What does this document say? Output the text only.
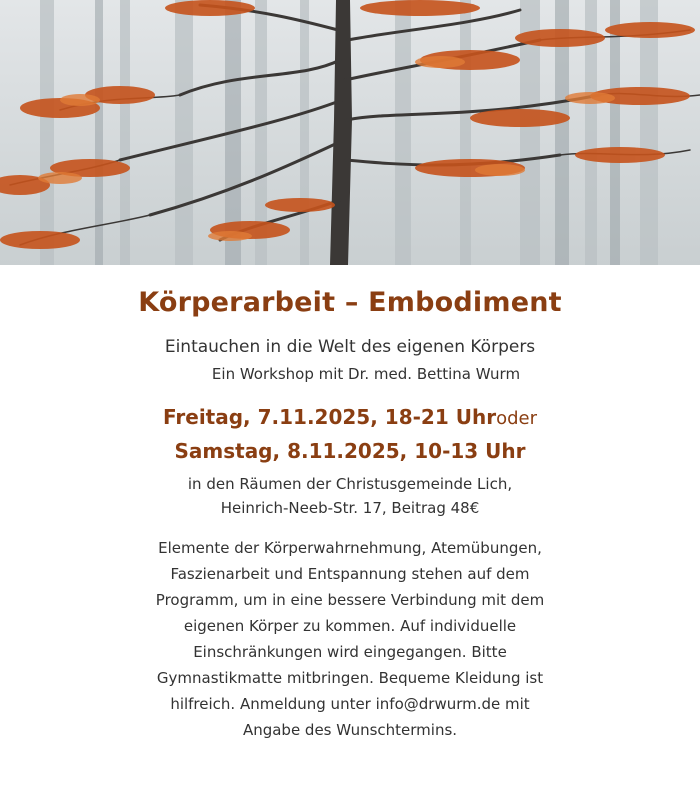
Körperarbeit – Embodiment
Eintauchen in die Welt des eigenen Körpers
Ein Workshop mit Dr. med. Bettina Wurm
Freitag, 7.11.2025, 18-21 Uhroder
Samstag, 8.11.2025, 10-13 Uhr
in den Räumen der Christusgemeinde Lich,
Heinrich-Neeb-Str. 17, Beitrag 48€
Elemente der Körperwahrnehmung, Atemübungen,
Faszienarbeit und Entspannung stehen auf dem
Programm, um in eine bessere Verbindung mit dem
eigenen Körper zu kommen. Auf individuelle
Einschränkungen wird eingegangen. Bitte
Gymnastikmatte mitbringen. Bequeme Kleidung ist
hilfreich. Anmeldung unter info@drwurm.de mit
Angabe des Wunschtermins.
